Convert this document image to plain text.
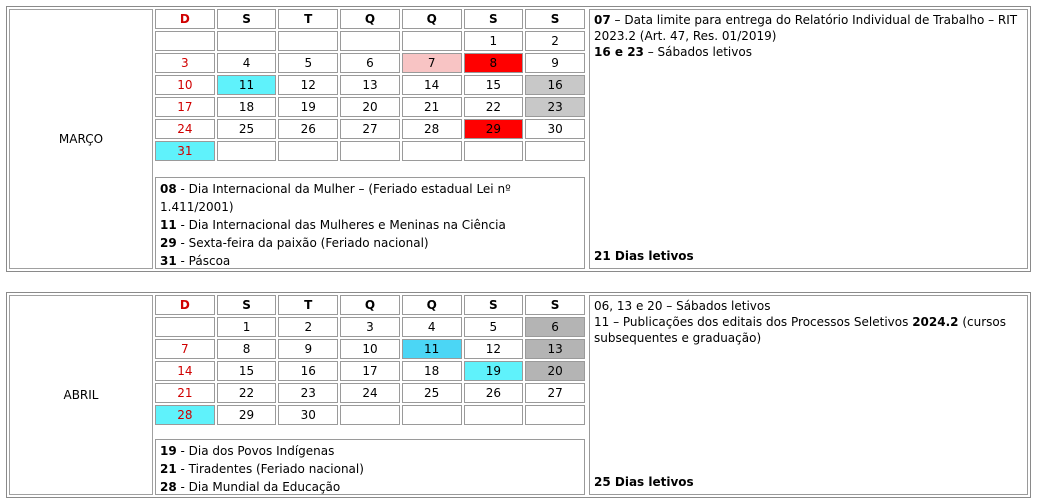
MARÇO
D	S	T	Q	Q	S	S
					1	2
3	4	5	6	7	8	9
10	11	12	13	14	15	16
17	18	19	20	21	22	23
24	25	26	27	28	29	30
31						
08 - Dia Internacional da Mulher – (Feriado estadual Lei nº 1.411/2001)
11 - Dia Internacional das Mulheres e Meninas na Ciência
29 - Sexta-feira da paixão (Feriado nacional)
31 - Páscoa
07 – Data limite para entrega do Relatório Individual de Trabalho – RIT 2023.2 (Art. 47, Res. 01/2019)
16 e 23 – Sábados letivos
21 Dias letivos
ABRIL
D	S	T	Q	Q	S	S
	1	2	3	4	5	6
7	8	9	10	11	12	13
14	15	16	17	18	19	20
21	22	23	24	25	26	27
28	29	30				
19 - Dia dos Povos Indígenas
21 - Tiradentes (Feriado nacional)
28 - Dia Mundial da Educação
06, 13 e 20 – Sábados letivos
11 – Publicações dos editais dos Processos Seletivos 2024.2 (cursos subsequentes e graduação)
25 Dias letivos
